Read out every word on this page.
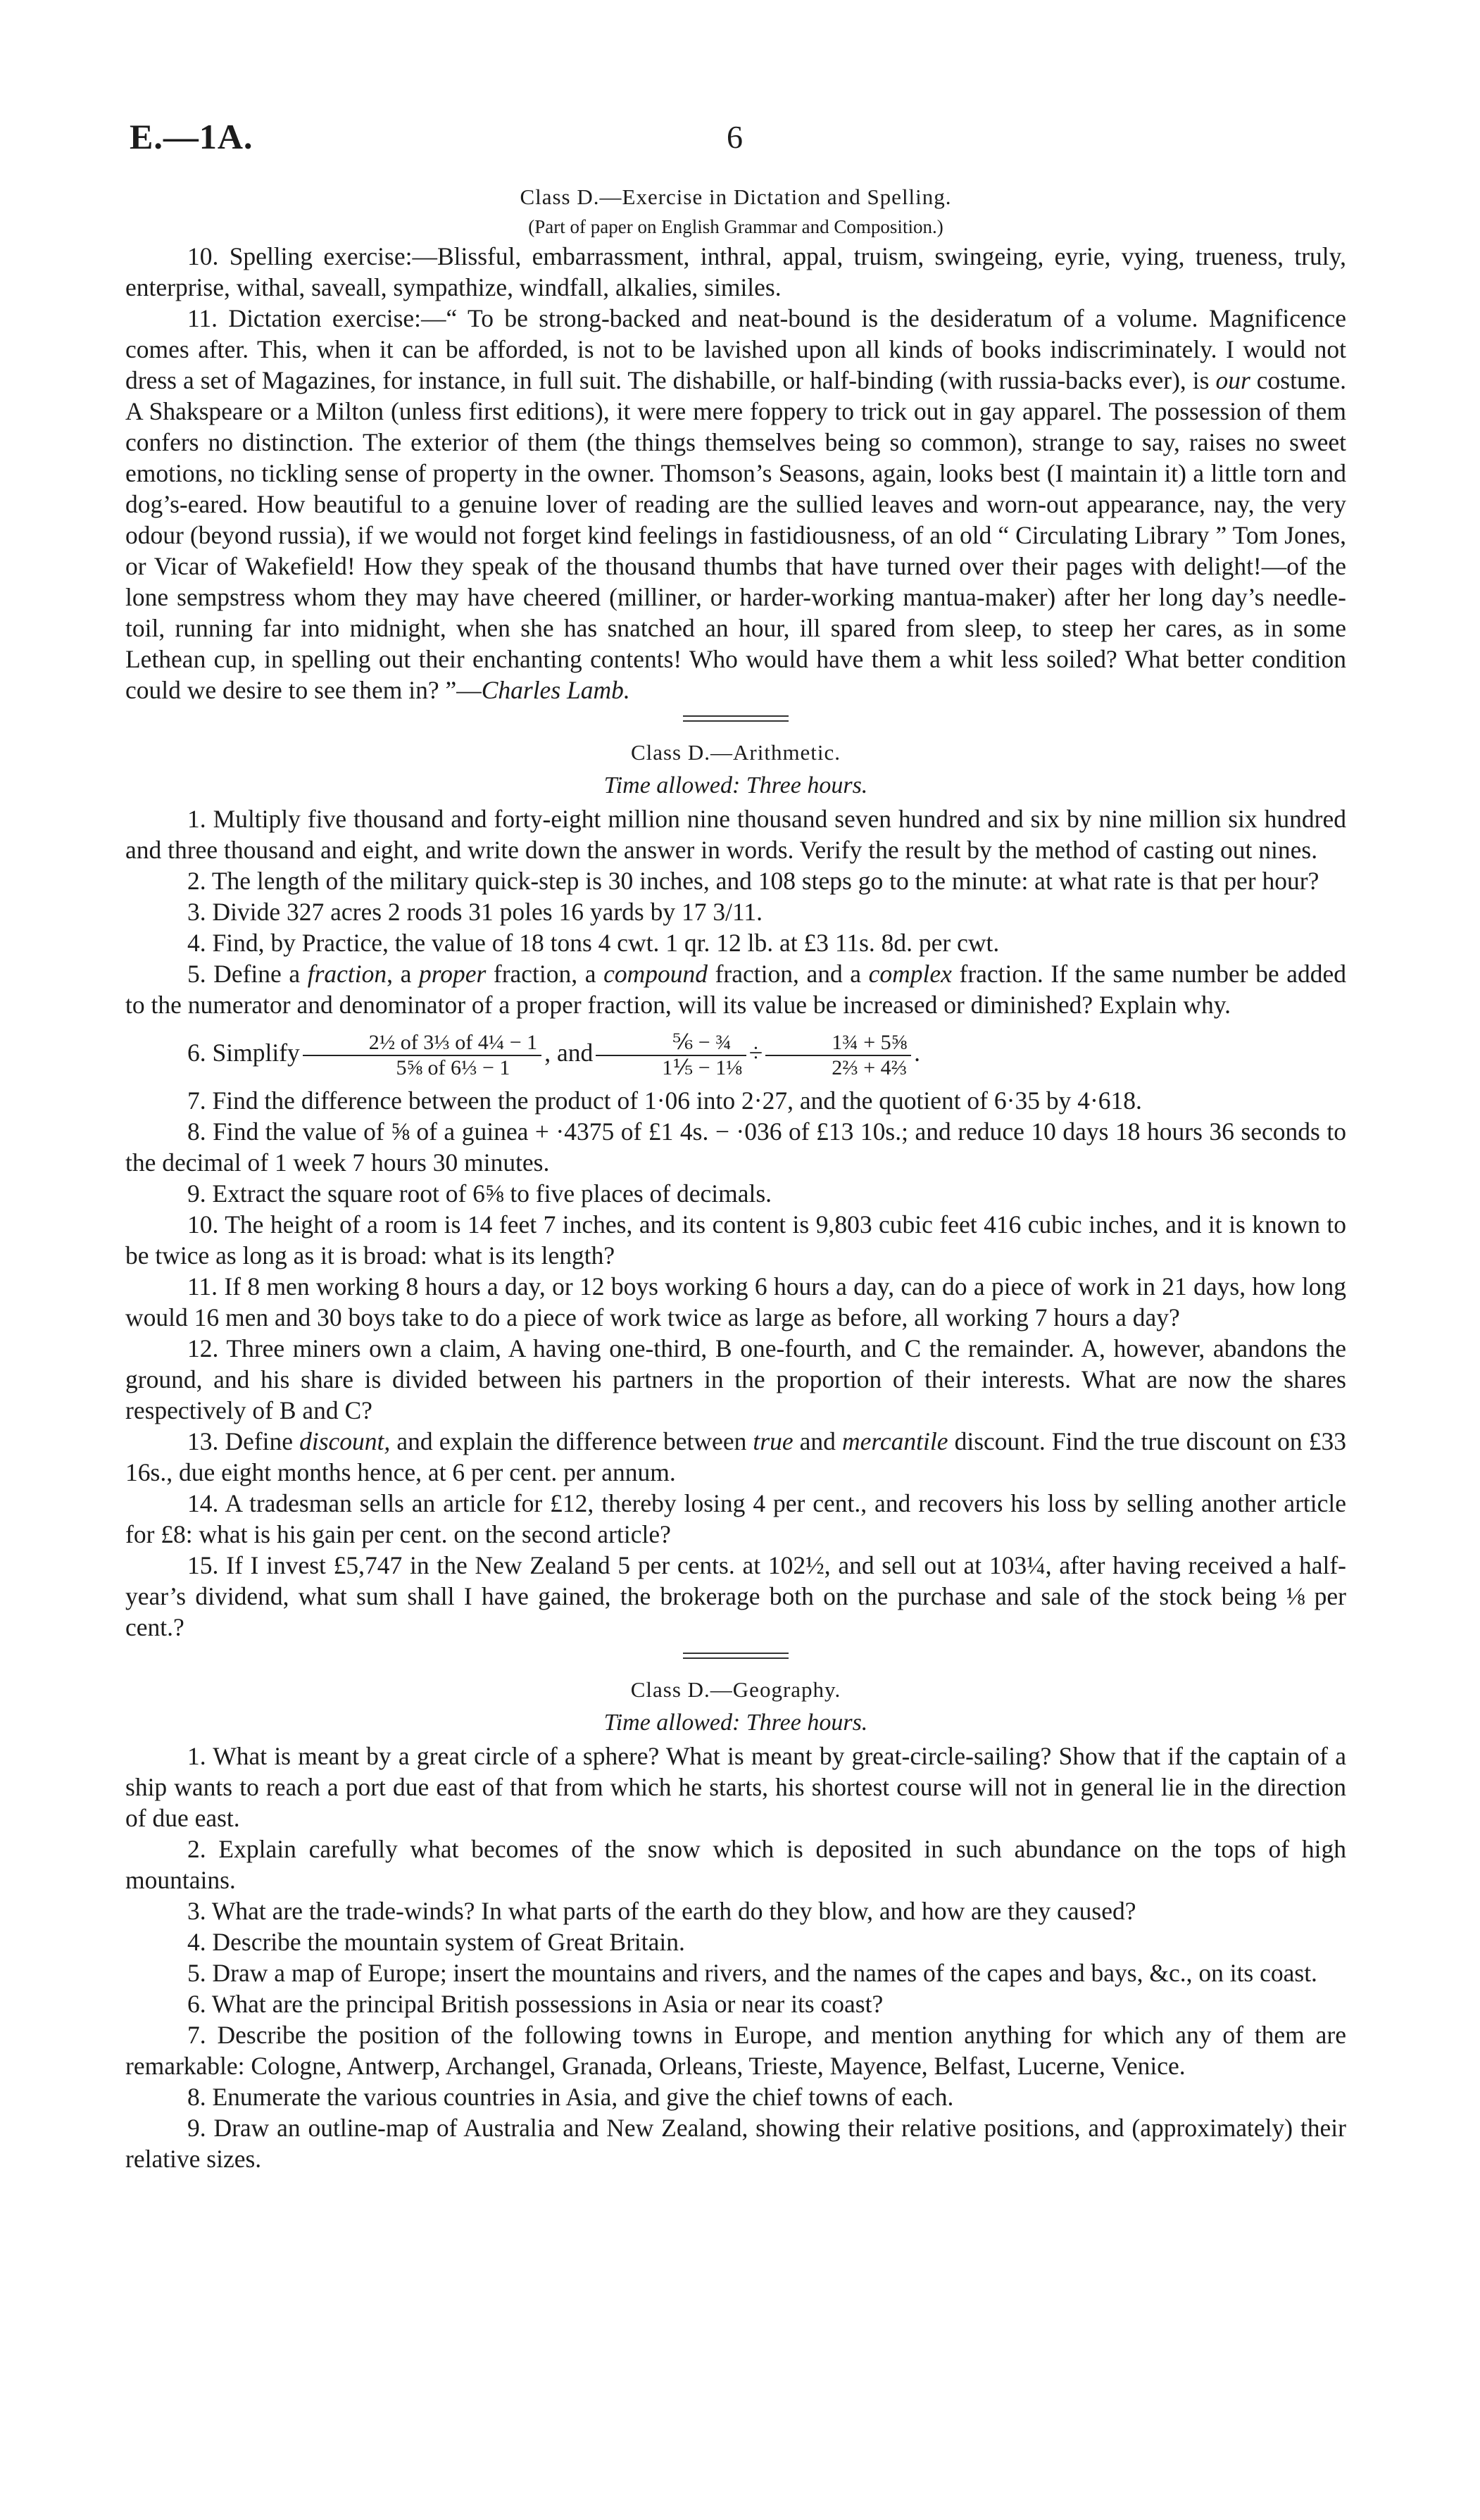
E.—1A.	6
Class D.—Exercise in Dictation and Spelling.
(Part of paper on English Grammar and Composition.)

10. Spelling exercise:—Blissful, embarrassment, inthral, appal, truism, swingeing, eyrie, vying, trueness, truly, enterprise, withal, saveall, sympathize, windfall, alkalies, similes.

11. Dictation exercise:—“ To be strong-backed and neat-bound is the desideratum of a volume. Magnificence comes after. This, when it can be afforded, is not to be lavished upon all kinds of books indiscriminately. I would not dress a set of Magazines, for instance, in full suit. The dishabille, or half-binding (with russia-backs ever), is our costume. A Shakspeare or a Milton (unless first editions), it were mere foppery to trick out in gay apparel. The possession of them confers no distinction. The exterior of them (the things themselves being so common), strange to say, raises no sweet emotions, no tickling sense of property in the owner. Thomson’s Seasons, again, looks best (I maintain it) a little torn and dog’s-eared. How beautiful to a genuine lover of reading are the sullied leaves and worn-out appearance, nay, the very odour (beyond russia), if we would not forget kind feelings in fastidiousness, of an old “ Circulating Library ” Tom Jones, or Vicar of Wakefield! How they speak of the thousand thumbs that have turned over their pages with delight!—of the lone sempstress whom they may have cheered (milliner, or harder-working mantua-maker) after her long day’s needle-toil, running far into midnight, when she has snatched an hour, ill spared from sleep, to steep her cares, as in some Lethean cup, in spelling out their enchanting contents! Who would have them a whit less soiled? What better condition could we desire to see them in? ”—Charles Lamb.

Class D.—Arithmetic.
Time allowed: Three hours.

1. Multiply five thousand and forty-eight million nine thousand seven hundred and six by nine million six hundred and three thousand and eight, and write down the answer in words. Verify the result by the method of casting out nines.

2. The length of the military quick-step is 30 inches, and 108 steps go to the minute: at what rate is that per hour?

3. Divide 327 acres 2 roods 31 poles 16 yards by 17 3/11.

4. Find, by Practice, the value of 18 tons 4 cwt. 1 qr. 12 lb. at £3 11s. 8d. per cwt.

5. Define a fraction, a proper fraction, a compound fraction, and a complex fraction. If the same number be added to the numerator and denominator of a proper fraction, will its value be increased or diminished? Explain why.

6. Simplify $\frac{\text{2½ of 3⅓ of 4¼ − 1}}{\text{5⅝ of 6⅓ − 1}}$ , and $\frac{\text{⅚ − ¾}}{\text{1⅕ − 1⅛}} \div \frac{\text{1¾ + 5⅝}}{\text{2⅔ + 4⅔}}$ .

7. Find the difference between the product of 1·06 into 2·27, and the quotient of 6·35 by 4·618.

8. Find the value of ⅝ of a guinea + ·4375 of £1 4s. − ·036 of £13 10s.; and reduce 10 days 18 hours 36 seconds to the decimal of 1 week 7 hours 30 minutes.

9. Extract the square root of 6⅝ to five places of decimals.

10. The height of a room is 14 feet 7 inches, and its content is 9,803 cubic feet 416 cubic inches, and it is known to be twice as long as it is broad: what is its length?

11. If 8 men working 8 hours a day, or 12 boys working 6 hours a day, can do a piece of work in 21 days, how long would 16 men and 30 boys take to do a piece of work twice as large as before, all working 7 hours a day?

12. Three miners own a claim, A having one-third, B one-fourth, and C the remainder. A, however, abandons the ground, and his share is divided between his partners in the proportion of their interests. What are now the shares respectively of B and C?

13. Define discount, and explain the difference between true and mercantile discount. Find the true discount on £33 16s., due eight months hence, at 6 per cent. per annum.

14. A tradesman sells an article for £12, thereby losing 4 per cent., and recovers his loss by selling another article for £8: what is his gain per cent. on the second article?

15. If I invest £5,747 in the New Zealand 5 per cents. at 102½, and sell out at 103¼, after having received a half-year’s dividend, what sum shall I have gained, the brokerage both on the purchase and sale of the stock being ⅛ per cent.?

Class D.—Geography.
Time allowed: Three hours.

1. What is meant by a great circle of a sphere? What is meant by great-circle-sailing? Show that if the captain of a ship wants to reach a port due east of that from which he starts, his shortest course will not in general lie in the direction of due east.

2. Explain carefully what becomes of the snow which is deposited in such abundance on the tops of high mountains.

3. What are the trade-winds? In what parts of the earth do they blow, and how are they caused?

4. Describe the mountain system of Great Britain.

5. Draw a map of Europe; insert the mountains and rivers, and the names of the capes and bays, &c., on its coast.

6. What are the principal British possessions in Asia or near its coast?

7. Describe the position of the following towns in Europe, and mention anything for which any of them are remarkable: Cologne, Antwerp, Archangel, Granada, Orleans, Trieste, Mayence, Belfast, Lucerne, Venice.

8. Enumerate the various countries in Asia, and give the chief towns of each.

9. Draw an outline-map of Australia and New Zealand, showing their relative positions, and (approximately) their relative sizes.
